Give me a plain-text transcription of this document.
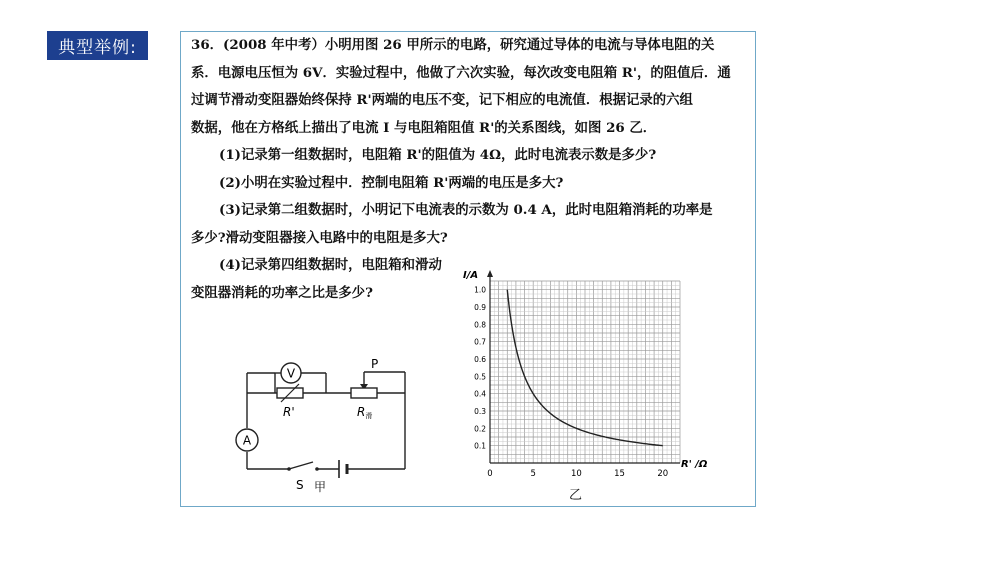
典型举例:	36．(2008 年中考）小明用图 26 甲所示的电路，研究通过导体的电流与导体电阻的关

系．电源电压恒为 6V．实验过程中，他做了六次实验，每次改变电阻箱 R'，的阻值后．通

过调节滑动变阻器始终保持 R'两端的电压不变，记下相应的电流值．根据记录的六组

数据，他在方格纸上描出了电流 I 与电阻箱阻值 R'的关系图线，如图 26 乙．

(1)记录第一组数据时，电阻箱 R'的阻值为 4Ω，此时电流表示数是多少?

(2)小明在实验过程中．控制电阻箱 R'两端的电压是多大?

(3)记录第二组数据时，小明记下电流表的示数为 0.4 A，此时电阻箱消耗的功率是

多少?滑动变阻器接入电路中的电阻是多大?

(4)记录第四组数据时，电阻箱和滑动

变阻器消耗的功率之比是多少?

V
A
R'	R滑
P
S 甲
0	5	10	15	20
0.1
0.2
0.3
0.4
0.5
0.6
0.7
0.8
0.9
1.0
I/A
R' /Ω
乙
